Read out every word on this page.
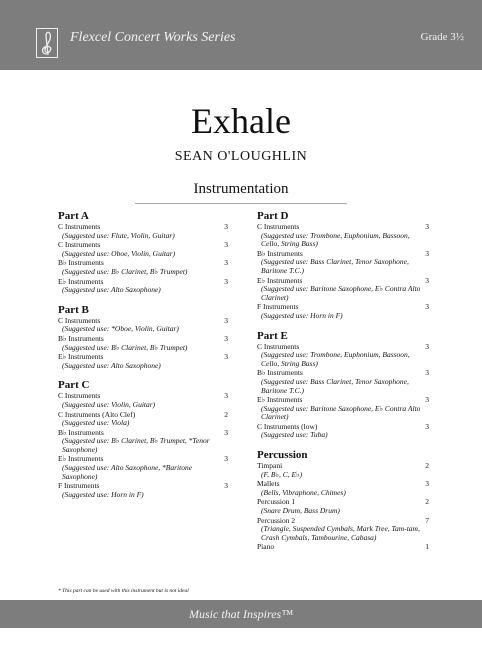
Flexcel Concert Works Series	Grade 3½
Exhale
SEAN O'LOUGHLIN
Instrumentation
Part A
C Instruments
(Suggested use: Flute, Violin, Guitar)
3
C Instruments
(Suggested use: Oboe, Violin, Guitar)
3
B♭ Instruments
(Suggested use: B♭ Clarinet, B♭ Trumpet)
3
E♭ Instruments
(Suggested use: Alto Saxophone)
3
Part B
C Instruments
(Suggested use: *Oboe, Violin, Guitar)
3
B♭ Instruments
(Suggested use: B♭ Clarinet, B♭ Trumpet)
3
E♭ Instruments
(Suggested use: Alto Saxophone)
3
Part C
C Instruments
(Suggested use: Violin, Guitar)
3
C Instruments (Alto Clef)
(Suggested use: Viola)
2
B♭ Instruments
(Suggested use: B♭ Clarinet, B♭ Trumpet, *Tenor Saxophone)
3
E♭ Instruments
(Suggested use: Alto Saxophone, *Baritone Saxophone)
3
F Instruments
(Suggested use: Horn in F)
3
Part D
C Instruments
(Suggested use: Trombone, Euphonium, Bassoon, Cello, String Bass)
3
B♭ Instruments
(Suggested use: Bass Clarinet, Tenor Saxophone, Baritone T.C.)
3
E♭ Instruments
(Suggested use: Baritone Saxophone, E♭ Contra Alto Clarinet)
3
F Instruments
(Suggested use: Horn in F)
3
Part E
C Instruments
(Suggested use: Trombone, Euphonium, Bassoon, Cello, String Bass)
3
B♭ Instruments
(Suggested use: Bass Clarinet, Tenor Saxophone, Baritone T.C.)
3
E♭ Instruments
(Suggested use: Baritone Saxophone, E♭ Contra Alto Clarinet)
3
C Instruments (low)
(Suggested use: Tuba)
3
Percussion
Timpani
(F, B♭, C, E♭)
2
Mallets
(Bells, Vibraphone, Chimes)
3
Percussion 1
(Snare Drum, Bass Drum)
2
Percussion 2
(Triangle, Suspended Cymbals, Mark Tree, Tam-tam, Crash Cymbals, Tambourine, Cabasa)
7
Piano	1
* This part can be used with this instrument but is not ideal
Music that Inspires™
